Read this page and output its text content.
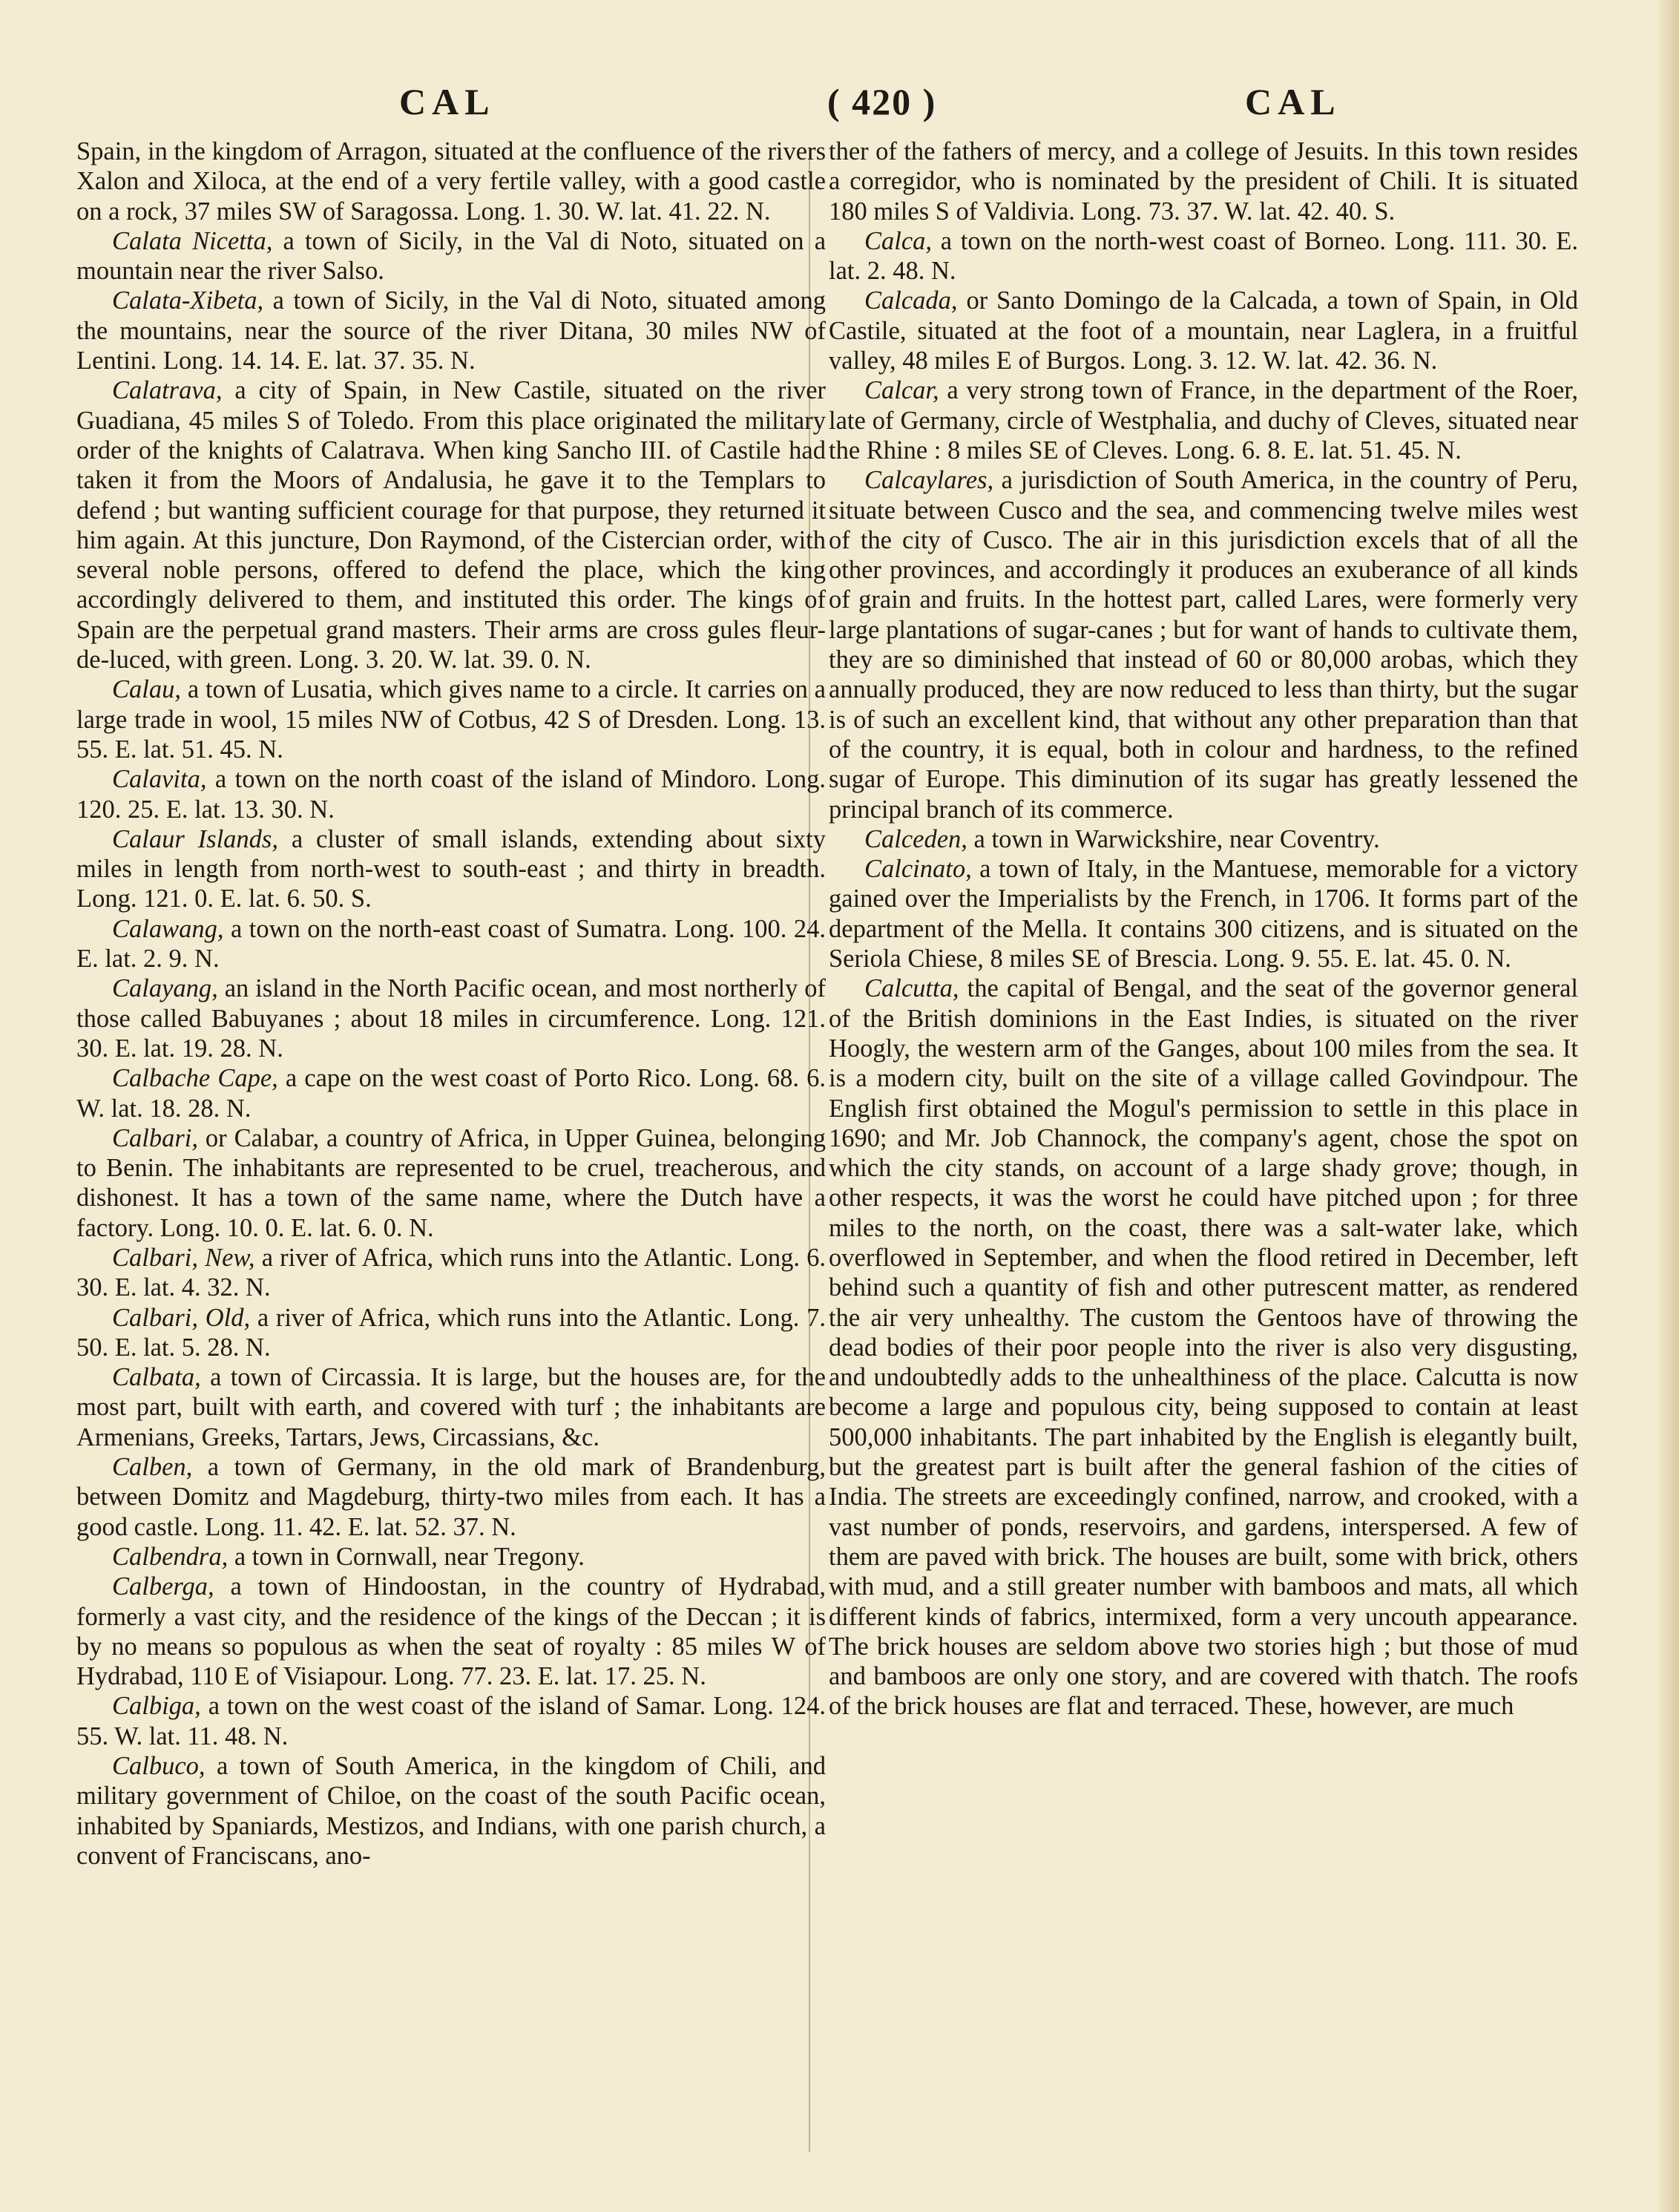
CAL	( 420 )	CAL

Spain, in the kingdom of Arragon, situated at the confluence of the rivers Xalon and Xiloca, at the end of a very fertile valley, with a good castle on a rock, 37 miles SW of Saragossa. Long. 1. 30. W. lat. 41. 22. N.

Calata Nicetta, a town of Sicily, in the Val di Noto, situated on a mountain near the river Salso.

Calata-Xibeta, a town of Sicily, in the Val di Noto, situated among the mountains, near the source of the river Ditana, 30 miles NW of Lentini. Long. 14. 14. E. lat. 37. 35. N.

Calatrava, a city of Spain, in New Castile, situated on the river Guadiana, 45 miles S of Toledo. From this place originated the military order of the knights of Calatrava. When king Sancho III. of Castile had taken it from the Moors of Andalusia, he gave it to the Templars to defend ; but wanting sufficient courage for that purpose, they returned it him again. At this juncture, Don Raymond, of the Cistercian order, with several noble persons, offered to defend the place, which the king accordingly delivered to them, and instituted this order. The kings of Spain are the perpetual grand masters. Their arms are cross gules fleur-de-luced, with green. Long. 3. 20. W. lat. 39. 0. N.

Calau, a town of Lusatia, which gives name to a circle. It carries on a large trade in wool, 15 miles NW of Cotbus, 42 S of Dresden. Long. 13. 55. E. lat. 51. 45. N.

Calavita, a town on the north coast of the island of Mindoro. Long. 120. 25. E. lat. 13. 30. N.

Calaur Islands, a cluster of small islands, extending about sixty miles in length from north-west to south-east ; and thirty in breadth. Long. 121. 0. E. lat. 6. 50. S.

Calawang, a town on the north-east coast of Sumatra. Long. 100. 24. E. lat. 2. 9. N.

Calayang, an island in the North Pacific ocean, and most northerly of those called Babuyanes ; about 18 miles in circumference. Long. 121. 30. E. lat. 19. 28. N.

Calbache Cape, a cape on the west coast of Porto Rico. Long. 68. 6. W. lat. 18. 28. N.

Calbari, or Calabar, a country of Africa, in Upper Guinea, belonging to Benin. The inhabitants are represented to be cruel, treacherous, and dishonest. It has a town of the same name, where the Dutch have a factory. Long. 10. 0. E. lat. 6. 0. N.

Calbari, New, a river of Africa, which runs into the Atlantic. Long. 6. 30. E. lat. 4. 32. N.

Calbari, Old, a river of Africa, which runs into the Atlantic. Long. 7. 50. E. lat. 5. 28. N.

Calbata, a town of Circassia. It is large, but the houses are, for the most part, built with earth, and covered with turf ; the inhabitants are Armenians, Greeks, Tartars, Jews, Circassians, &c.

Calben, a town of Germany, in the old mark of Brandenburg, between Domitz and Magdeburg, thirty-two miles from each. It has a good castle. Long. 11. 42. E. lat. 52. 37. N.

Calbendra, a town in Cornwall, near Tregony.

Calberga, a town of Hindoostan, in the country of Hydrabad, formerly a vast city, and the residence of the kings of the Deccan ; it is by no means so populous as when the seat of royalty : 85 miles W of Hydrabad, 110 E of Visiapour. Long. 77. 23. E. lat. 17. 25. N.

Calbiga, a town on the west coast of the island of Samar. Long. 124. 55. W. lat. 11. 48. N.

Calbuco, a town of South America, in the kingdom of Chili, and military government of Chiloe, on the coast of the south Pacific ocean, inhabited by Spaniards, Mestizos, and Indians, with one parish church, a convent of Franciscans, ano-

ther of the fathers of mercy, and a college of Jesuits. In this town resides a corregidor, who is nominated by the president of Chili. It is situated 180 miles S of Valdivia. Long. 73. 37. W. lat. 42. 40. S.

Calca, a town on the north-west coast of Borneo. Long. 111. 30. E. lat. 2. 48. N.

Calcada, or Santo Domingo de la Calcada, a town of Spain, in Old Castile, situated at the foot of a mountain, near Laglera, in a fruitful valley, 48 miles E of Burgos. Long. 3. 12. W. lat. 42. 36. N.

Calcar, a very strong town of France, in the department of the Roer, late of Germany, circle of Westphalia, and duchy of Cleves, situated near the Rhine : 8 miles SE of Cleves. Long. 6. 8. E. lat. 51. 45. N.

Calcaylares, a jurisdiction of South America, in the country of Peru, situate between Cusco and the sea, and commencing twelve miles west of the city of Cusco. The air in this jurisdiction excels that of all the other provinces, and accordingly it produces an exuberance of all kinds of grain and fruits. In the hottest part, called Lares, were formerly very large plantations of sugar-canes ; but for want of hands to cultivate them, they are so diminished that instead of 60 or 80,000 arobas, which they annually produced, they are now reduced to less than thirty, but the sugar is of such an excellent kind, that without any other preparation than that of the country, it is equal, both in colour and hardness, to the refined sugar of Europe. This diminution of its sugar has greatly lessened the principal branch of its commerce.

Calceden, a town in Warwickshire, near Coventry.

Calcinato, a town of Italy, in the Mantuese, memorable for a victory gained over the Imperialists by the French, in 1706. It forms part of the department of the Mella. It contains 300 citizens, and is situated on the Seriola Chiese, 8 miles SE of Brescia. Long. 9. 55. E. lat. 45. 0. N.

Calcutta, the capital of Bengal, and the seat of the governor general of the British dominions in the East Indies, is situated on the river Hoogly, the western arm of the Ganges, about 100 miles from the sea. It is a modern city, built on the site of a village called Govindpour. The English first obtained the Mogul's permission to settle in this place in 1690; and Mr. Job Channock, the company's agent, chose the spot on which the city stands, on account of a large shady grove; though, in other respects, it was the worst he could have pitched upon ; for three miles to the north, on the coast, there was a salt-water lake, which overflowed in September, and when the flood retired in December, left behind such a quantity of fish and other putrescent matter, as rendered the air very unhealthy. The custom the Gentoos have of throwing the dead bodies of their poor people into the river is also very disgusting, and undoubtedly adds to the unhealthiness of the place. Calcutta is now become a large and populous city, being supposed to contain at least 500,000 inhabitants. The part inhabited by the English is elegantly built, but the greatest part is built after the general fashion of the cities of India. The streets are exceedingly confined, narrow, and crooked, with a vast number of ponds, reservoirs, and gardens, interspersed. A few of them are paved with brick. The houses are built, some with brick, others with mud, and a still greater number with bamboos and mats, all which different kinds of fabrics, intermixed, form a very uncouth appearance. The brick houses are seldom above two stories high ; but those of mud and bamboos are only one story, and are covered with thatch. The roofs of the brick houses are flat and terraced. These, however, are much
